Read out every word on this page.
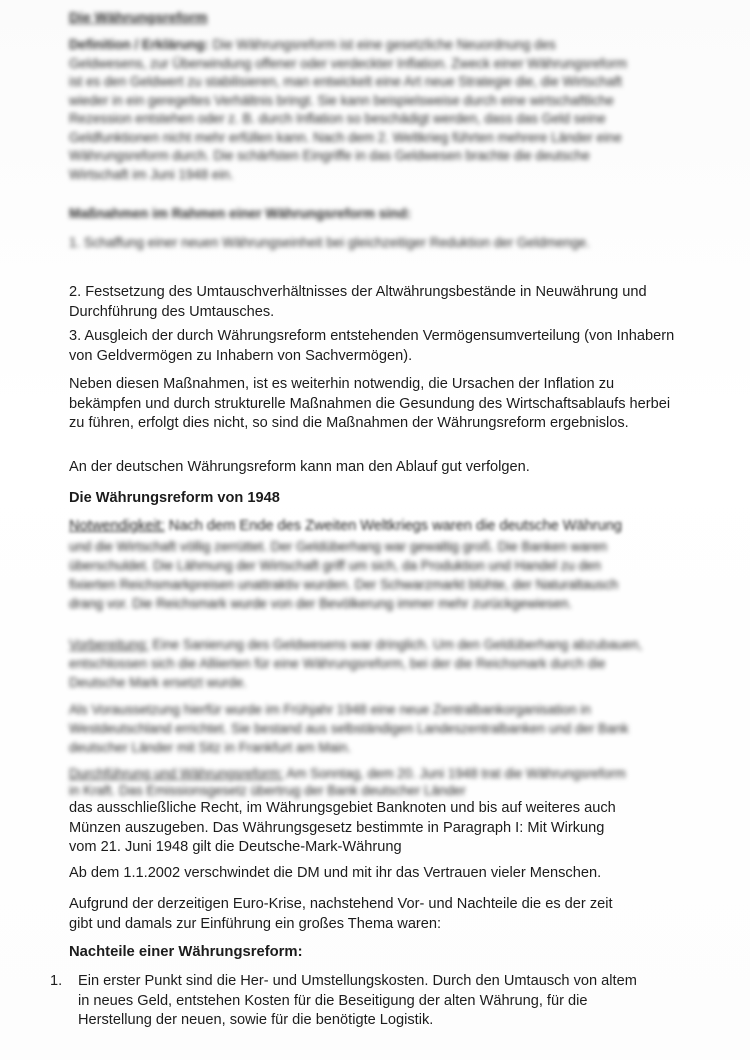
Die Währungsreform
Definition / Erklärung: Die Währungsreform ist eine gesetzliche Neuordnung des Geldwesens, zur Überwindung offener oder verdeckter Inflation. Zweck einer Währungsreform ist es den Geldwert zu stabilisieren, man entwickelt eine Art neue Strategie die, die Wirtschaft wieder in ein geregeltes Verhältnis bringt. Sie kann beispielsweise durch eine wirtschaftliche Rezession entstehen oder z. B. durch Inflation so beschädigt werden, dass das Geld seine Geldfunktionen nicht mehr erfüllen kann. Nach dem 2. Weltkrieg führten mehrere Länder eine Währungsreform durch. Die schärfsten Eingriffe in das Geldwesen brachte die deutsche Wirtschaft im Juni 1948 ein.
Maßnahmen im Rahmen einer Währungsreform sind:
1. Schaffung einer neuen Währungseinheit bei gleichzeitiger Reduktion der Geldmenge.
2. Festsetzung des Umtauschverhältnisses der Altwährungsbestände in Neuwährung und Durchführung des Umtausches.
3. Ausgleich der durch Währungsreform entstehenden Vermögensumverteilung (von Inhabern von Geldvermögen zu Inhabern von Sachvermögen).
Neben diesen Maßnahmen, ist es weiterhin notwendig, die Ursachen der Inflation zu bekämpfen und durch strukturelle Maßnahmen die Gesundung des Wirtschaftsablaufs herbei zu führen, erfolgt dies nicht, so sind die Maßnahmen der Währungsreform ergebnislos.
An der deutschen Währungsreform kann man den Ablauf gut verfolgen.
Die Währungsreform von 1948
Notwendigkeit: Nach dem Ende des Zweiten Weltkriegs waren die deutsche Währung
und die Wirtschaft völlig zerrüttet. Der Geldüberhang war gewaltig groß. Die Banken waren überschuldet. Die Lähmung der Wirtschaft griff um sich, da Produktion und Handel zu den fixierten Reichsmarkpreisen unattraktiv wurden. Der Schwarzmarkt blühte, der Naturaltausch drang vor. Die Reichsmark wurde von der Bevölkerung immer mehr zurückgewiesen.
Vorbereitung: Eine Sanierung des Geldwesens war dringlich. Um den Geldüberhang abzubauen, entschlossen sich die Alliierten für eine Währungsreform, bei der die Reichsmark durch die Deutsche Mark ersetzt wurde.
Als Voraussetzung hierfür wurde im Frühjahr 1948 eine neue Zentralbankorganisation in Westdeutschland errichtet. Sie bestand aus selbständigen Landeszentralbanken und der Bank deutscher Länder mit Sitz in Frankfurt am Main.
Durchführung und Währungsreform: Am Sonntag, dem 20. Juni 1948 trat die Währungsreform in Kraft. Das Emissionsgesetz übertrug der Bank deutscher Länder
das ausschließliche Recht, im Währungsgebiet Banknoten und bis auf weiteres auch
Münzen auszugeben. Das Währungsgesetz bestimmte in Paragraph I: Mit Wirkung
vom 21. Juni 1948 gilt die Deutsche-Mark-Währung
Ab dem 1.1.2002 verschwindet die DM und mit ihr das Vertrauen vieler Menschen.
Aufgrund der derzeitigen Euro-Krise, nachstehend Vor- und Nachteile die es der zeit
gibt und damals zur Einführung ein großes Thema waren:
Nachteile einer Währungsreform:
1. Ein erster Punkt sind die Her- und Umstellungskosten. Durch den Umtausch von altem
in neues Geld, entstehen Kosten für die Beseitigung der alten Währung, für die
Herstellung der neuen, sowie für die benötigte Logistik.
